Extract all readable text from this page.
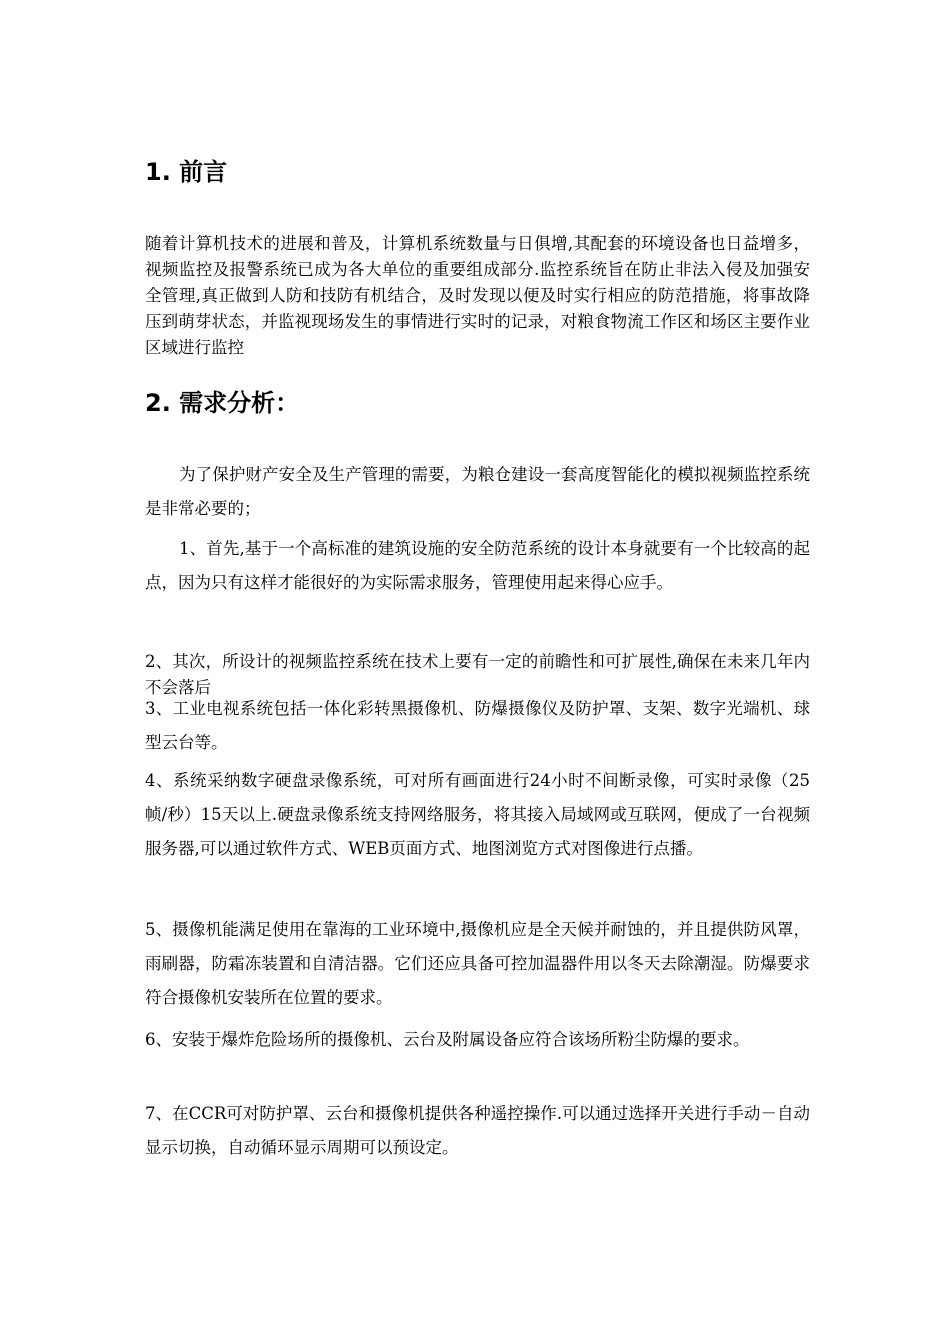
1. 前言

随着计算机技术的进展和普及，计算机系统数量与日俱增,其配套的环境设备也日益增多，视频监控及报警系统已成为各大单位的重要组成部分.监控系统旨在防止非法入侵及加强安全管理,真正做到人防和技防有机结合，及时发现以便及时实行相应的防范措施，将事故降压到萌芽状态，并监视现场发生的事情进行实时的记录，对粮食物流工作区和场区主要作业区域进行监控

2. 需求分析：

为了保护财产安全及生产管理的需要，为粮仓建设一套高度智能化的模拟视频监控系统是非常必要的；

1、首先,基于一个高标准的建筑设施的安全防范系统的设计本身就要有一个比较高的起点，因为只有这样才能很好的为实际需求服务，管理使用起来得心应手。

2、其次，所设计的视频监控系统在技术上要有一定的前瞻性和可扩展性,确保在未来几年内不会落后

3、工业电视系统包括一体化彩转黑摄像机、防爆摄像仪及防护罩、支架、数字光端机、球型云台等。

4、系统采纳数字硬盘录像系统，可对所有画面进行24小时不间断录像，可实时录像（25帧/秒）15天以上.硬盘录像系统支持网络服务，将其接入局域网或互联网，便成了一台视频服务器,可以通过软件方式、WEB页面方式、地图浏览方式对图像进行点播。

5、摄像机能满足使用在靠海的工业环境中,摄像机应是全天候并耐蚀的，并且提供防风罩，雨刷器，防霜冻装置和自清洁器。它们还应具备可控加温器件用以冬天去除潮湿。防爆要求符合摄像机安装所在位置的要求。

6、安装于爆炸危险场所的摄像机、云台及附属设备应符合该场所粉尘防爆的要求。

7、在CCR可对防护罩、云台和摄像机提供各种遥控操作.可以通过选择开关进行手动－自动显示切换，自动循环显示周期可以预设定。
